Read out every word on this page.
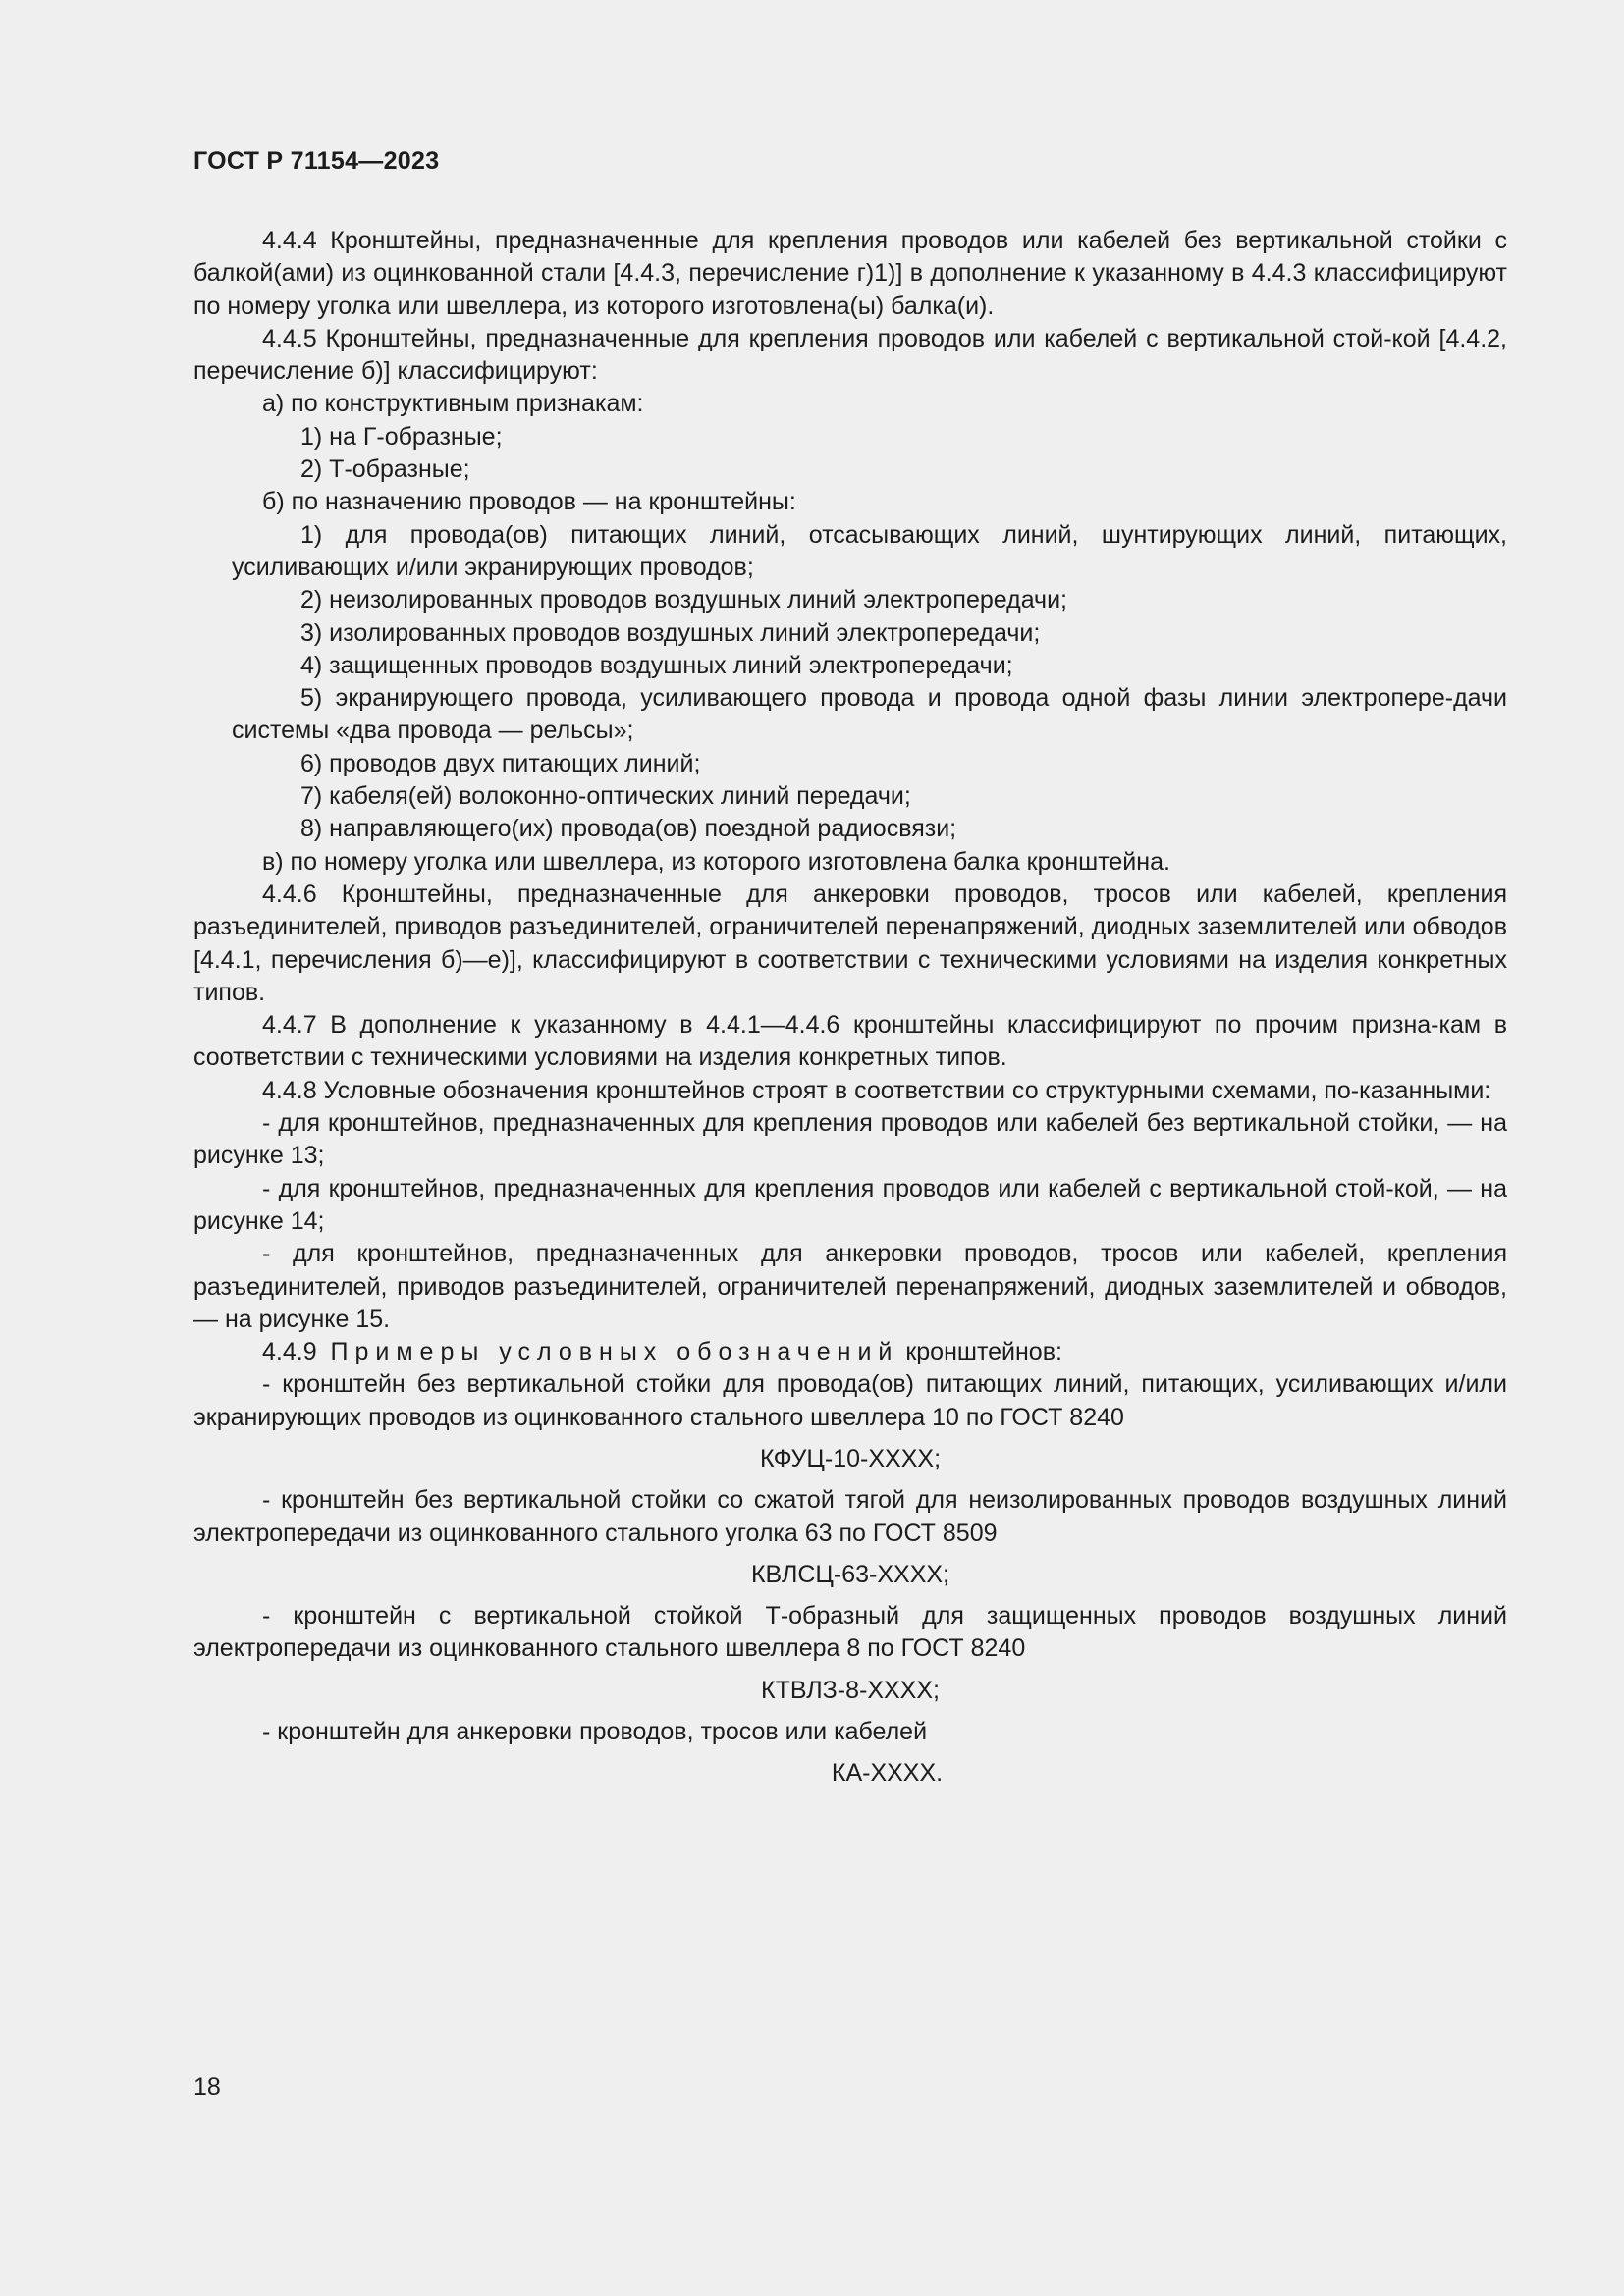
ГОСТ Р 71154—2023

4.4.4 Кронштейны, предназначенные для крепления проводов или кабелей без вертикальной стойки с балкой(ами) из оцинкованной стали [4.4.3, перечисление г)1)] в дополнение к указанному в 4.4.3 классифицируют по номеру уголка или швеллера, из которого изготовлена(ы) балка(и).

4.4.5 Кронштейны, предназначенные для крепления проводов или кабелей с вертикальной стой-кой [4.4.2, перечисление б)] классифицируют:

а) по конструктивным признакам:

1) на Г-образные;

2) Т-образные;

б) по назначению проводов — на кронштейны:

1) для провода(ов) питающих линий, отсасывающих линий, шунтирующих линий, питающих, усиливающих и/или экранирующих проводов;

2) неизолированных проводов воздушных линий электропередачи;

3) изолированных проводов воздушных линий электропередачи;

4) защищенных проводов воздушных линий электропередачи;

5) экранирующего провода, усиливающего провода и провода одной фазы линии электропере-дачи системы «два провода — рельсы»;

6) проводов двух питающих линий;

7) кабеля(ей) волоконно-оптических линий передачи;

8) направляющего(их) провода(ов) поездной радиосвязи;

в) по номеру уголка или швеллера, из которого изготовлена балка кронштейна.

4.4.6 Кронштейны, предназначенные для анкеровки проводов, тросов или кабелей, крепления разъединителей, приводов разъединителей, ограничителей перенапряжений, диодных заземлителей или обводов [4.4.1, перечисления б)—е)], классифицируют в соответствии с техническими условиями на изделия конкретных типов.

4.4.7 В дополнение к указанному в 4.4.1—4.4.6 кронштейны классифицируют по прочим призна-кам в соответствии с техническими условиями на изделия конкретных типов.

4.4.8 Условные обозначения кронштейнов строят в соответствии со структурными схемами, по-казанными:

- для кронштейнов, предназначенных для крепления проводов или кабелей без вертикальной стойки, — на рисунке 13;

- для кронштейнов, предназначенных для крепления проводов или кабелей с вертикальной стой-кой, — на рисунке 14;

- для кронштейнов, предназначенных для анкеровки проводов, тросов или кабелей, крепления разъединителей, приводов разъединителей, ограничителей перенапряжений, диодных заземлителей и обводов, — на рисунке 15.

4.4.9 Примеры условных обозначений кронштейнов:

- кронштейн без вертикальной стойки для провода(ов) питающих линий, питающих, усиливающих и/или экранирующих проводов из оцинкованного стального швеллера 10 по ГОСТ 8240

КФУЦ-10-XXXX;

- кронштейн без вертикальной стойки со сжатой тягой для неизолированных проводов воздушных линий электропередачи из оцинкованного стального уголка 63 по ГОСТ 8509

КВЛСЦ-63-XXXX;

- кронштейн с вертикальной стойкой Т-образный для защищенных проводов воздушных линий электропередачи из оцинкованного стального швеллера 8 по ГОСТ 8240

КТВЛЗ-8-XXXX;

- кронштейн для анкеровки проводов, тросов или кабелей

КА-XXXX.

18
